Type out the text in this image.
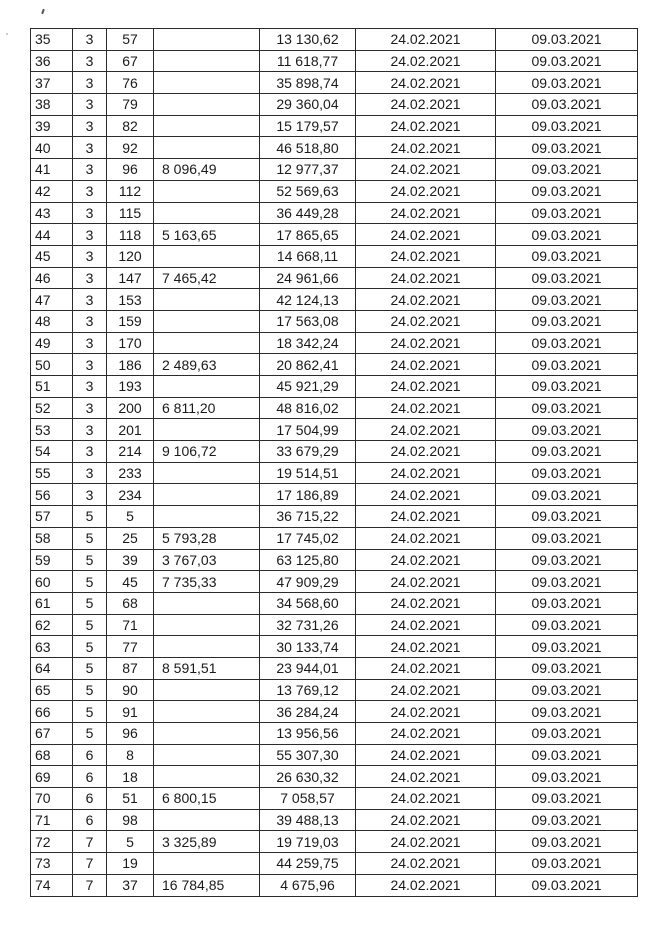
35	3	57		13 130,62	24.02.2021	09.03.2021
36	3	67		11 618,77	24.02.2021	09.03.2021
37	3	76		35 898,74	24.02.2021	09.03.2021
38	3	79		29 360,04	24.02.2021	09.03.2021
39	3	82		15 179,57	24.02.2021	09.03.2021
40	3	92		46 518,80	24.02.2021	09.03.2021
41	3	96	8 096,49	12 977,37	24.02.2021	09.03.2021
42	3	112		52 569,63	24.02.2021	09.03.2021
43	3	115		36 449,28	24.02.2021	09.03.2021
44	3	118	5 163,65	17 865,65	24.02.2021	09.03.2021
45	3	120		14 668,11	24.02.2021	09.03.2021
46	3	147	7 465,42	24 961,66	24.02.2021	09.03.2021
47	3	153		42 124,13	24.02.2021	09.03.2021
48	3	159		17 563,08	24.02.2021	09.03.2021
49	3	170		18 342,24	24.02.2021	09.03.2021
50	3	186	2 489,63	20 862,41	24.02.2021	09.03.2021
51	3	193		45 921,29	24.02.2021	09.03.2021
52	3	200	6 811,20	48 816,02	24.02.2021	09.03.2021
53	3	201		17 504,99	24.02.2021	09.03.2021
54	3	214	9 106,72	33 679,29	24.02.2021	09.03.2021
55	3	233		19 514,51	24.02.2021	09.03.2021
56	3	234		17 186,89	24.02.2021	09.03.2021
57	5	5		36 715,22	24.02.2021	09.03.2021
58	5	25	5 793,28	17 745,02	24.02.2021	09.03.2021
59	5	39	3 767,03	63 125,80	24.02.2021	09.03.2021
60	5	45	7 735,33	47 909,29	24.02.2021	09.03.2021
61	5	68		34 568,60	24.02.2021	09.03.2021
62	5	71		32 731,26	24.02.2021	09.03.2021
63	5	77		30 133,74	24.02.2021	09.03.2021
64	5	87	8 591,51	23 944,01	24.02.2021	09.03.2021
65	5	90		13 769,12	24.02.2021	09.03.2021
66	5	91		36 284,24	24.02.2021	09.03.2021
67	5	96		13 956,56	24.02.2021	09.03.2021
68	6	8		55 307,30	24.02.2021	09.03.2021
69	6	18		26 630,32	24.02.2021	09.03.2021
70	6	51	6 800,15	7 058,57	24.02.2021	09.03.2021
71	6	98		39 488,13	24.02.2021	09.03.2021
72	7	5	3 325,89	19 719,03	24.02.2021	09.03.2021
73	7	19		44 259,75	24.02.2021	09.03.2021
74	7	37	16 784,85	4 675,96	24.02.2021	09.03.2021
